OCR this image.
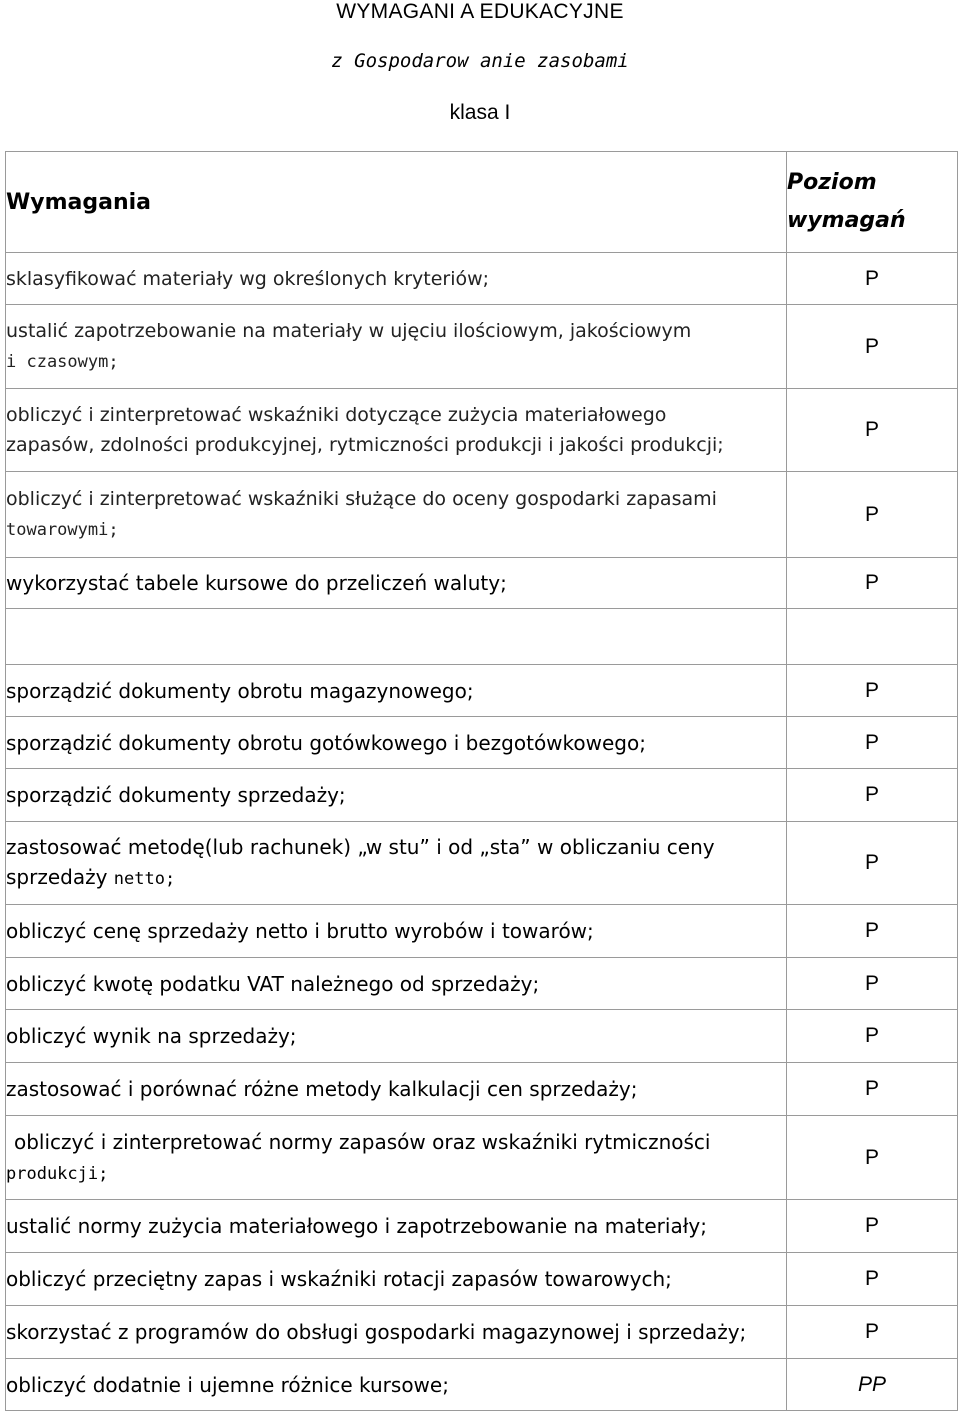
WYMAGANI A EDUKACYJNE
z Gospodarow anie zasobami
klasa I
Wymagania	Poziom
wymagań
sklasyfikować materiały wg określonych kryteriów;	P
ustalić zapotrzebowanie na materiały w ujęciu ilościowym, jakościowym
i czasowym;	P
obliczyć i zinterpretować wskaźniki dotyczące zużycia materiałowego
zapasów, zdolności produkcyjnej, rytmiczności produkcji i jakości produkcji;	P
obliczyć i zinterpretować wskaźniki służące do oceny gospodarki zapasami
towarowymi;	P
wykorzystać tabele kursowe do przeliczeń waluty;	P

sporządzić dokumenty obrotu magazynowego;	P
sporządzić dokumenty obrotu gotówkowego i bezgotówkowego;	P
sporządzić dokumenty sprzedaży;	P
zastosować metodę(lub rachunek) „w stu” i od „sta” w obliczaniu ceny
sprzedaży netto;	P
obliczyć cenę sprzedaży netto i brutto wyrobów i towarów;	P
obliczyć kwotę podatku VAT należnego od sprzedaży;	P
obliczyć wynik na sprzedaży;	P
zastosować i porównać różne metody kalkulacji cen sprzedaży;	P
obliczyć i zinterpretować normy zapasów oraz wskaźniki rytmiczności
produkcji;	P
ustalić normy zużycia materiałowego i zapotrzebowanie na materiały;	P
obliczyć przeciętny zapas i wskaźniki rotacji zapasów towarowych;	P
skorzystać z programów do obsługi gospodarki magazynowej i sprzedaży;	P
obliczyć dodatnie i ujemne różnice kursowe;	PP
